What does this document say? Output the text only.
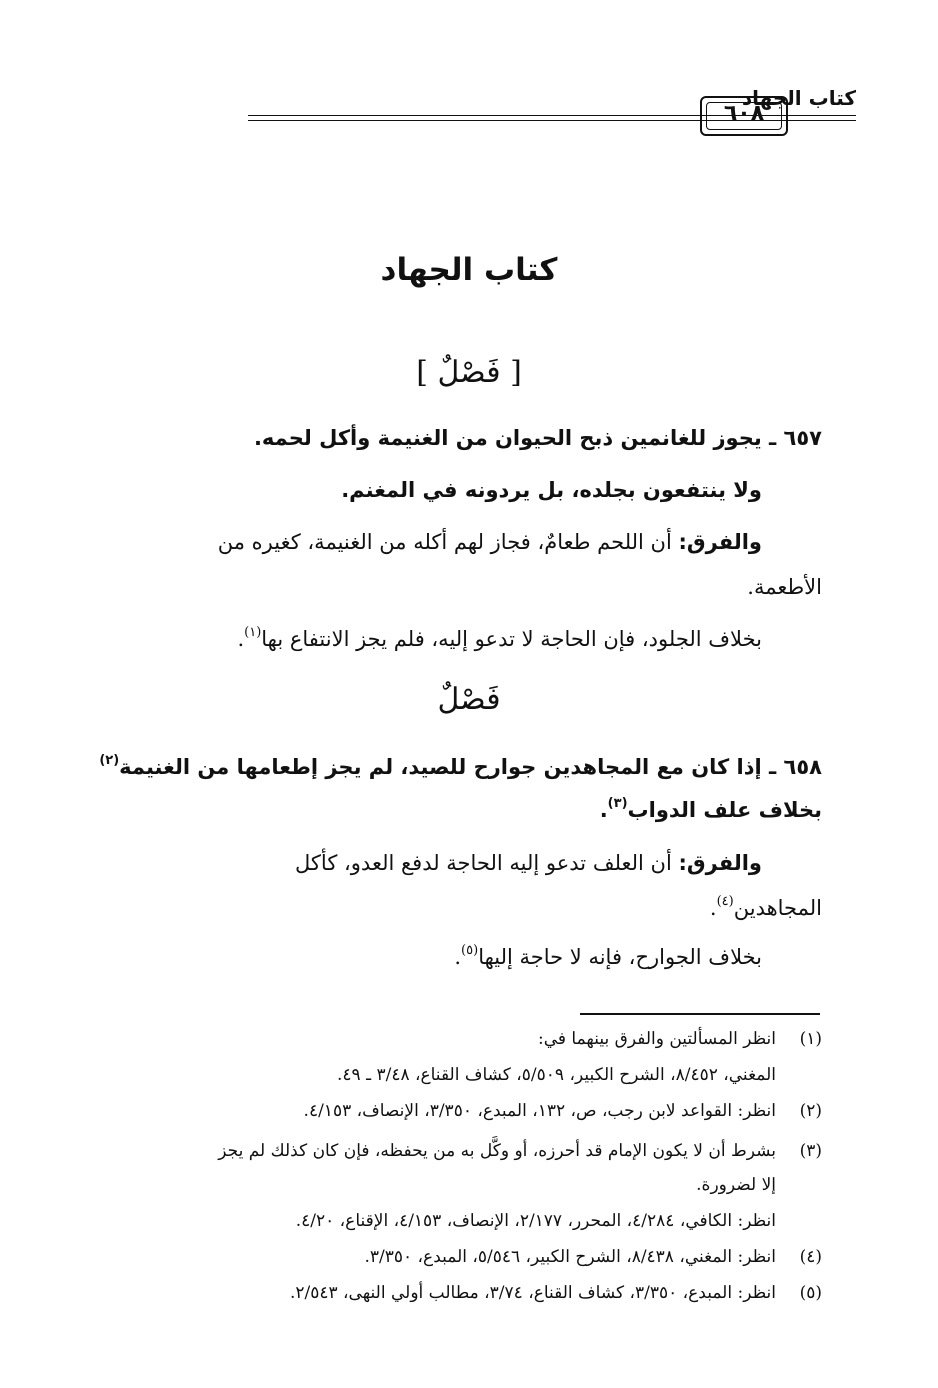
كتاب الجهاد
٦٠٨
كتاب الجهاد
[ فَصْلٌ ]
٦٥٧ ـ يجوز للغانمين ذبح الحيوان من الغنيمة وأكل لحمه.
ولا ينتفعون بجلده، بل يردونه في المغنم.
والفرق: أن اللحم طعامٌ، فجاز لهم أكله من الغنيمة، كغيره من
الأطعمة.
بخلاف الجلود، فإن الحاجة لا تدعو إليه، فلم يجز الانتفاع بها$^{(١)}$.
فَصْلٌ
٦٥٨ ـ إذا كان مع المجاهدين جوارح للصيد، لم يجز إطعامها من الغنيمة$^{(٢)}$
بخلاف علف الدواب$^{(٣)}$.
والفرق: أن العلف تدعو إليه الحاجة لدفع العدو، كأكل
المجاهدين$^{(٤)}$.
بخلاف الجوارح، فإنه لا حاجة إليها$^{(٥)}$.
(١)
انظر المسألتين والفرق بينهما في:
المغني، ٨/٤٥٢، الشرح الكبير، ٥/٥٠٩، كشاف القناع، ٣/٤٨ ـ ٤٩.
(٢)
انظر: القواعد لابن رجب، ص، ١٣٢، المبدع، ٣/٣٥٠، الإنصاف، ٤/١٥٣.
(٣)
بشرط أن لا يكون الإمام قد أحرزه، أو وكَّل به من يحفظه، فإن كان كذلك لم يجز
إلا لضرورة.
انظر: الكافي، ٤/٢٨٤، المحرر، ٢/١٧٧، الإنصاف، ٤/١٥٣، الإقناع، ٤/٢٠.
(٤)
انظر: المغني، ٨/٤٣٨، الشرح الكبير، ٥/٥٤٦، المبدع، ٣/٣٥٠.
(٥)
انظر: المبدع، ٣/٣٥٠، كشاف القناع، ٣/٧٤، مطالب أولي النهى، ٢/٥٤٣.
